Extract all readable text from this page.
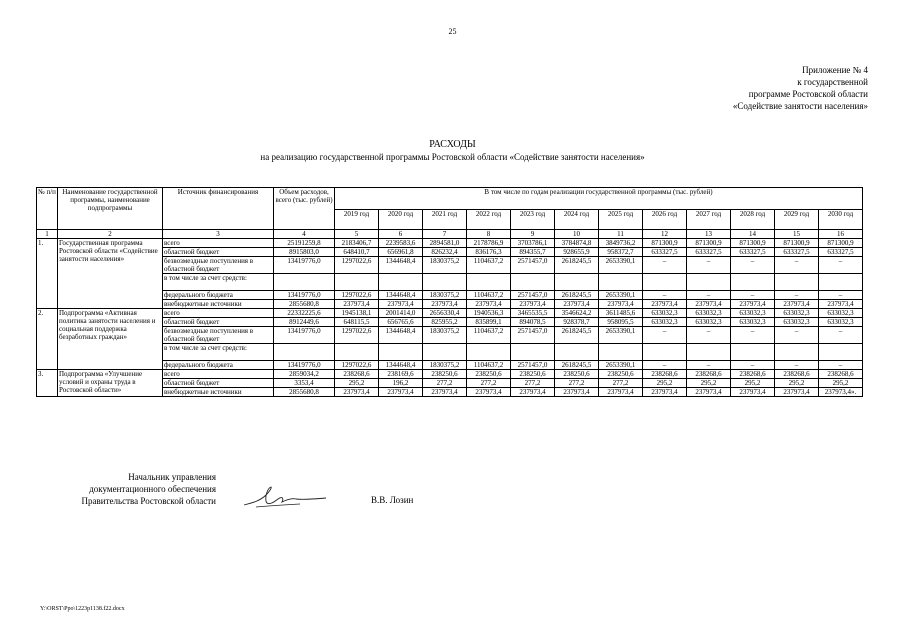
25
Приложение № 4
к государственной
программе Ростовской области
«Содействие занятости населения»
РАСХОДЫ
на реализацию государственной программы Ростовской области «Содействие занятости населения»
№ п/п	Наименование государственной программы, наименование подпрограммы	Источник финансирования	Объем расходов, всего (тыс. рублей)	В том числе по годам реализации государственной программы (тыс. рублей)											
				2019 год	2020 год	2021 год	2022 год	2023 год	2024 год	2025 год	2026 год	2027 год	2028 год	2029 год	2030 год
1	2	3	4	5	6	7	8	9	10	11	12	13	14	15	16
1.	Государственная программа Ростовской области «Содействие занятости населения»	всего	25191259,8	2183406,7	2239583,6	2894581,0	2178786,9	3703786,1	3784874,8	3849736,2	871300,9	871300,9	871300,9	871300,9	871300,9
		областной бюджет	8915803,0	648410,7	656961,8	826232,4	836176,3	894355,7	928655,9	958372,7	633327,5	633327,5	633327,5	633327,5	633327,5
		безвозмездные поступления в областной бюджет	13419776,0	1297022,6	1344648,4	1830375,2	1104637,2	2571457,0	2618245,5	2653390,1	–	–	–	–	–
		в том числе за счет средств:													
		федерального бюджета	13419776,0	1297022,6	1344648,4	1830375,2	1104637,2	2571457,0	2618245,5	2653390,1	–	–	–	–	–
		внебюджетные источники	2855680,8	237973,4	237973,4	237973,4	237973,4	237973,4	237973,4	237973,4	237973,4	237973,4	237973,4	237973,4	237973,4
2.	Подпрограмма «Активная политика занятости населения и социальная поддержка безработных граждан»	всего	22332225,6	1945138,1	2001414,0	2656330,4	1940536,3	3465535,5	3546624,2	3611485,6	633032,3	633032,3	633032,3	633032,3	633032,3
		областной бюджет	8912449,6	648115,5	656765,6	825955,2	835899,1	894078,5	928378,7	958095,5	633032,3	633032,3	633032,3	633032,3	633032,3
		безвозмездные поступления в областной бюджет	13419776,0	1297022,6	1344648,4	1830375,2	1104637,2	2571457,0	2618245,5	2653390,1	–	–	–	–	–
		в том числе за счет средств:													
		федерального бюджета	13419776,0	1297022,6	1344648,4	1830375,2	1104637,2	2571457,0	2618245,5	2653390,1	–	–	–	–	–
3.	Подпрограмма «Улучшение условий и охраны труда в Ростовской области»	всего	2859034,2	238268,6	238169,6	238250,6	238250,6	238250,6	238250,6	238250,6	238268,6	238268,6	238268,6	238268,6	238268,6
		областной бюджет	3353,4	295,2	196,2	277,2	277,2	277,2	277,2	277,2	295,2	295,2	295,2	295,2	295,2
		внебюджетные источники	2855680,8	237973,4	237973,4	237973,4	237973,4	237973,4	237973,4	237973,4	237973,4	237973,4	237973,4	237973,4	237973,4».
Начальник управления
документационного обеспечения
Правительства Ростовской области	В.В. Лозин
Y:\ORST\Ppo\1223p1138.f22.docx
